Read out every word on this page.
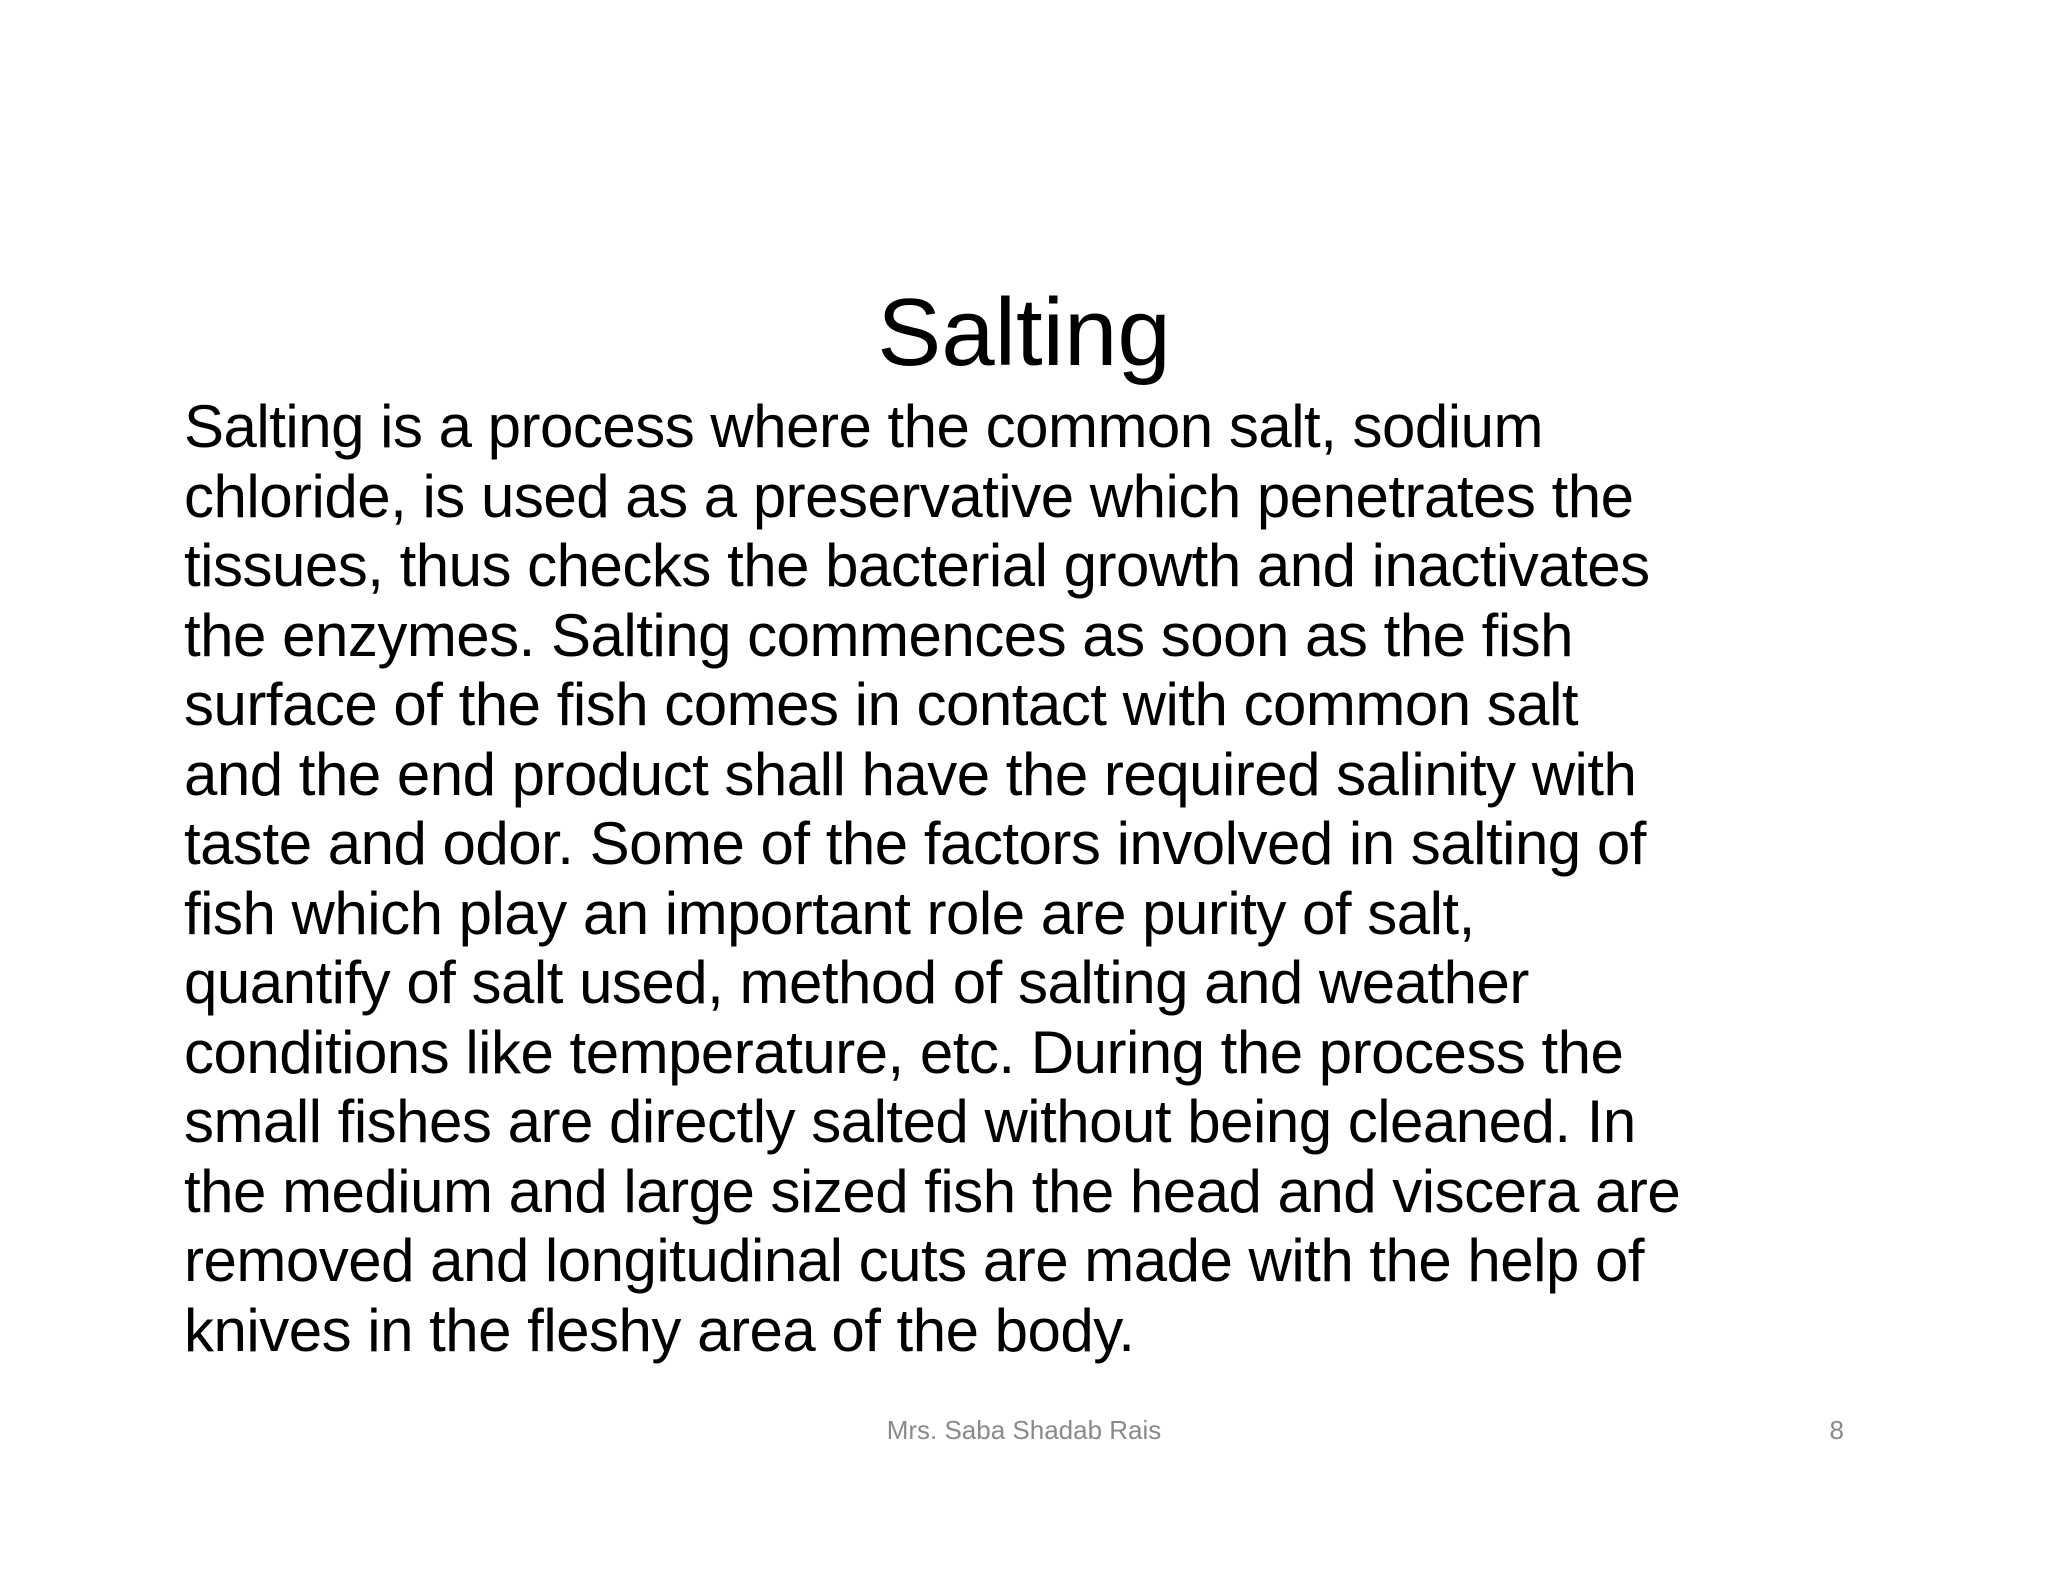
Salting

Salting is a process where the common salt, sodium
chloride, is used as a preservative which penetrates the
tissues, thus checks the bacterial growth and inactivates
the enzymes. Salting commences as soon as the fish
surface of the fish comes in contact with common salt
and the end product shall have the required salinity with
taste and odor. Some of the factors involved in salting of
fish which play an important role are purity of salt,
quantify of salt used, method of salting and weather
conditions like temperature, etc. During the process the
small fishes are directly salted without being cleaned. In
the medium and large sized fish the head and viscera are
removed and longitudinal cuts are made with the help of
knives in the fleshy area of the body.

Mrs. Saba Shadab Rais	8
